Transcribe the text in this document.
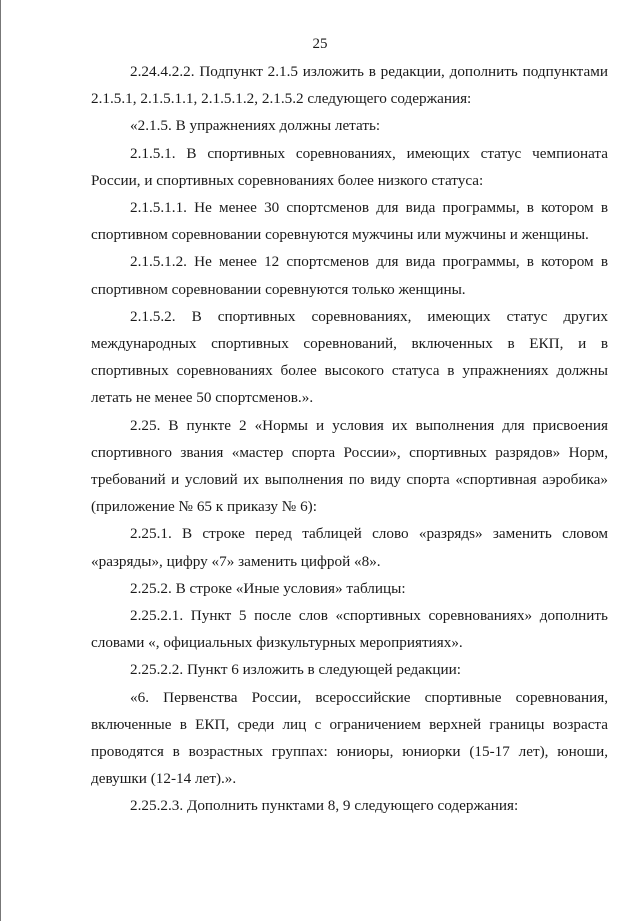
25

2.24.4.2.2. Подпункт 2.1.5 изложить в редакции, дополнить подпунктами 2.1.5.1, 2.1.5.1.1, 2.1.5.1.2, 2.1.5.2 следующего содержания:

«2.1.5. В упражнениях должны летать:

2.1.5.1. В спортивных соревнованиях, имеющих статус чемпионата России, и спортивных соревнованиях более низкого статуса:

2.1.5.1.1. Не менее 30 спортсменов для вида программы, в котором в спортивном соревновании соревнуются мужчины или мужчины и женщины.

2.1.5.1.2. Не менее 12 спортсменов для вида программы, в котором в спортивном соревновании соревнуются только женщины.

2.1.5.2. В спортивных соревнованиях, имеющих статус других международных спортивных соревнований, включенных в ЕКП, и в спортивных соревнованиях более высокого статуса в упражнениях должны летать не менее 50 спортсменов.».

2.25. В пункте 2 «Нормы и условия их выполнения для присвоения спортивного звания «мастер спорта России», спортивных разрядов» Норм, требований и условий их выполнения по виду спорта «спортивная аэробика» (приложение № 65 к приказу № 6):

2.25.1. В строке перед таблицей слово «разрядs» заменить словом «разряды», цифру «7» заменить цифрой «8».

2.25.2. В строке «Иные условия» таблицы:

2.25.2.1. Пункт 5 после слов «спортивных соревнованиях» дополнить словами «, официальных физкультурных мероприятиях».

2.25.2.2. Пункт 6 изложить в следующей редакции:

«6. Первенства России, всероссийские спортивные соревнования, включенные в ЕКП, среди лиц с ограничением верхней границы возраста проводятся в возрастных группах: юниоры, юниорки (15-17 лет), юноши, девушки (12-14 лет).».

2.25.2.3. Дополнить пунктами 8, 9 следующего содержания:
